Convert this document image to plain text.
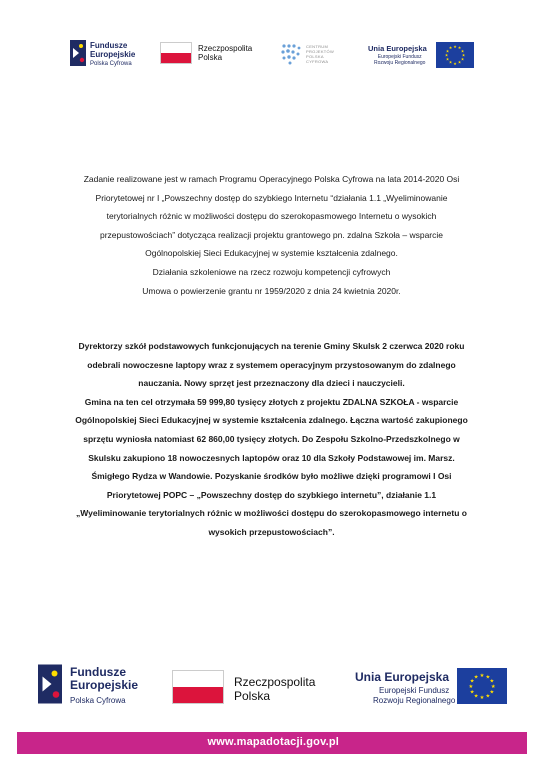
Fundusze
Europejskie
Polska Cyfrowa
Rzeczpospolita
Polska
CENTRUM
PROJEKTÓW
POLSKA
CYFROWA
Unia Europejska
Europejski Fundusz
Rozwoju Regionalnego
★ ★
★
★
★
★
★
★
★
★
★
★
Zadanie realizowane jest w ramach Programu Operacyjnego Polska Cyfrowa na lata 2014-2020 Osi
Priorytetowej nr I „Powszechny dostęp do szybkiego Internetu “działania 1.1 „Wyeliminowanie
terytorialnych różnic w możliwości dostępu do szerokopasmowego Internetu o wysokich
przepustowościach” dotycząca realizacji projektu grantowego pn. zdalna Szkoła – wsparcie
Ogólnopolskiej Sieci Edukacyjnej w systemie kształcenia zdalnego.
Działania szkoleniowe na rzecz rozwoju kompetencji cyfrowych
Umowa o powierzenie grantu nr 1959/2020 z dnia 24 kwietnia 2020r.
Dyrektorzy szkół podstawowych funkcjonujących na terenie Gminy Skulsk 2 czerwca 2020 roku
odebrali nowoczesne laptopy wraz z systemem operacyjnym przystosowanym do zdalnego
nauczania. Nowy sprzęt jest przeznaczony dla dzieci i nauczycieli.
Gmina na ten cel otrzymała 59 999,80 tysięcy złotych z projektu ZDALNA SZKOŁA - wsparcie
Ogólnopolskiej Sieci Edukacyjnej w systemie kształcenia zdalnego. Łączna wartość zakupionego
sprzętu wyniosła natomiast 62 860,00 tysięcy złotych. Do Zespołu Szkolno-Przedszkolnego w
Skulsku zakupiono 18 nowoczesnych laptopów oraz 10 dla Szkoły Podstawowej im. Marsz.
Śmigłego Rydza w Wandowie. Pozyskanie środków było możliwe dzięki programowi I Osi
Priorytetowej POPC – „Powszechny dostęp do szybkiego internetu”, działanie 1.1
„Wyeliminowanie terytorialnych różnic w możliwości dostępu do szerokopasmowego internetu o
wysokich przepustowościach”.
Fundusze
Europejskie
Polska Cyfrowa
Rzeczpospolita
Polska
Unia Europejska
Europejski Fundusz
Rozwoju Regionalnego
★ ★
★
★
★
★
★
★
★
★
★
★
www.mapadotacji.gov.pl
